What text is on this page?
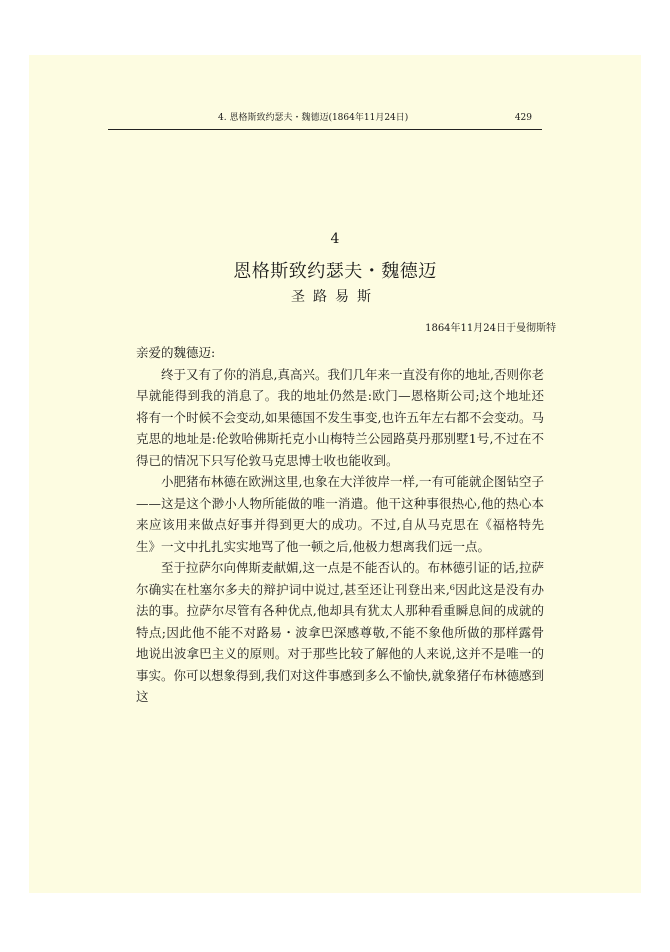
4. 恩格斯致约瑟夫・魏德迈(1864年11月24日)	429
4
恩格斯致约瑟夫・魏德迈
圣路易斯
1864年11月24日于曼彻斯特

亲爱的魏德迈:

终于又有了你的消息,真高兴。我们几年来一直没有你的地址,否则你老早就能得到我的消息了。我的地址仍然是:欧门—恩格斯公司;这个地址还将有一个时候不会变动,如果德国不发生事变,也许五年左右都不会变动。马克思的地址是:伦敦哈佛斯托克小山梅特兰公园路莫丹那别墅1号,不过在不得已的情况下只写伦敦马克思博士收也能收到。

小肥猪布林德在欧洲这里,也象在大洋彼岸一样,一有可能就企图钻空子——这是这个渺小人物所能做的唯一消遣。他干这种事很热心,他的热心本来应该用来做点好事并得到更大的成功。不过,自从马克思在《福格特先生》一文中扎扎实实地骂了他一顿之后,他极力想离我们远一点。

至于拉萨尔向俾斯麦献媚,这一点是不能否认的。布林德引证的话,拉萨尔确实在杜塞尔多夫的辩护词中说过,甚至还让刊登出来,⁶因此这是没有办法的事。拉萨尔尽管有各种优点,他却具有犹太人那种看重瞬息间的成就的特点;因此他不能不对路易・波拿巴深感尊敬,不能不象他所做的那样露骨地说出波拿巴主义的原则。对于那些比较了解他的人来说,这并不是唯一的事实。你可以想象得到,我们对这件事感到多么不愉快,就象猪仔布林德感到这
